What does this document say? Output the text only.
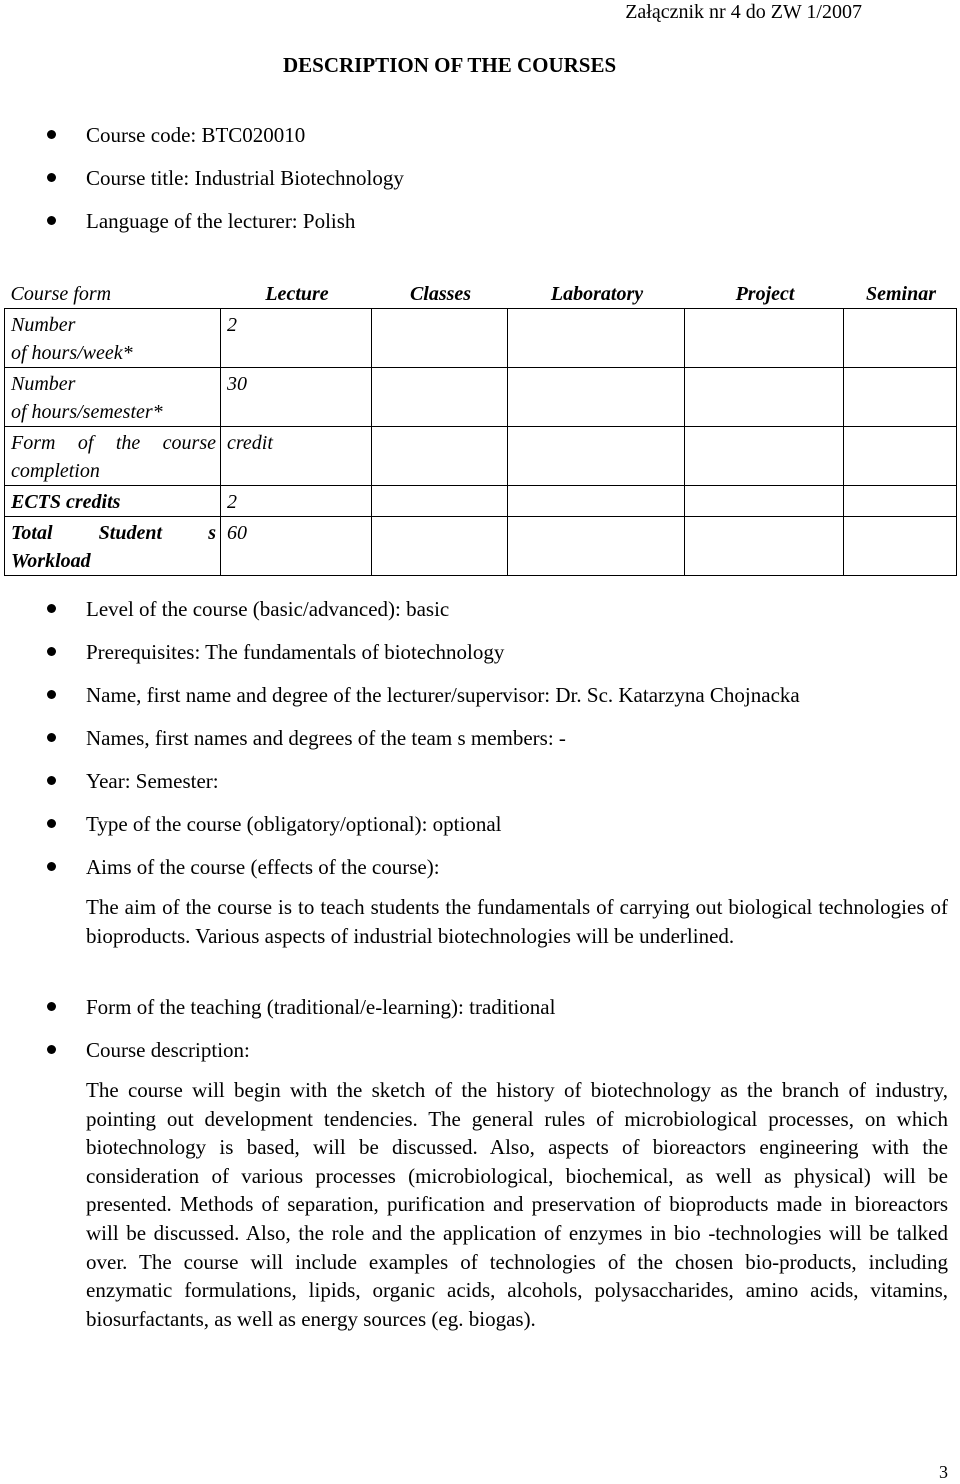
Załącznik nr 4 do ZW 1/2007
DESCRIPTION OF THE COURSES
Course code: BTC020010
Course title: Industrial Biotechnology
Language of the lecturer: Polish
Course form	Lecture	Classes	Laboratory	Project	Seminar
Number
of hours/week*	2				
Number
of hours/semester*	30				

Form of the course
completion	credit				
ECTS credits	2				

Total Student s
Workload	60				
Level of the course (basic/advanced): basic
Prerequisites: The fundamentals of biotechnology
Name, first name and degree of the lecturer/supervisor: Dr. Sc. Katarzyna Chojnacka
Names, first names and degrees of the team s members: -
Year: Semester:
Type of the course (obligatory/optional): optional
Aims of the course (effects of the course):
The aim of the course is to teach students the fundamentals of carrying out biological technologies of bioproducts. Various aspects of industrial biotechnologies will be underlined.
Form of the teaching (traditional/e-learning): traditional
Course description:
The course will begin with the sketch of the history of biotechnology as the branch of industry, pointing out development tendencies. The general rules of microbiological processes, on which biotechnology is based, will be discussed. Also, aspects of bioreactors engineering with the consideration of various processes (microbiological, biochemical, as well as physical) will be presented. Methods of separation, purification and preservation of bioproducts made in bioreactors will be discussed. Also, the role and the application of enzymes in bio -technologies will be talked over. The course will include examples of technologies of the chosen bio-products, including enzymatic formulations, lipids, organic acids, alcohols, polysaccharides, amino acids, vitamins, biosurfactants, as well as energy sources (eg. biogas).
3
